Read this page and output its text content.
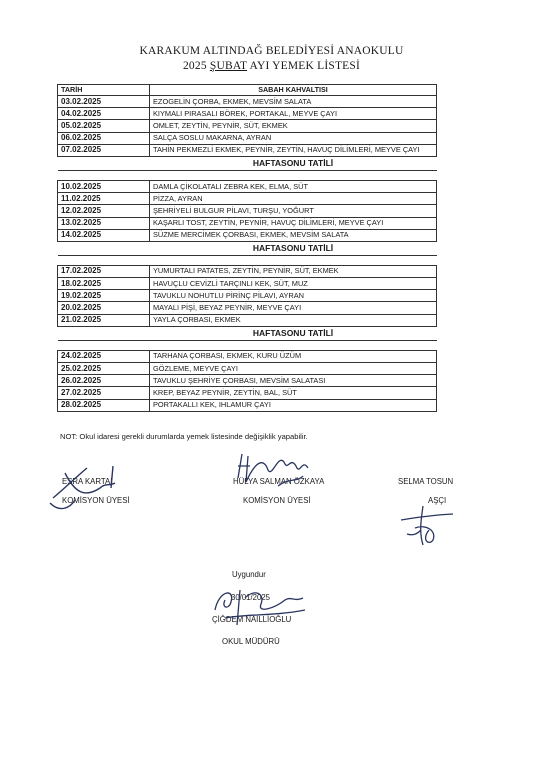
KARAKUM ALTINDAĞ BELEDİYESİ ANAOKULU
2025 ŞUBAT AYI YEMEK LİSTESİ
TARİH	SABAH KAHVALTISI
03.02.2025	EZOGELİN ÇORBA, EKMEK, MEVSİM SALATA
04.02.2025	KIYMALI PIRASALI BÖREK, PORTAKAL, MEYVE ÇAYI
05.02.2025	OMLET, ZEYTİN, PEYNİR, SÜT, EKMEK
06.02.2025	SALÇA SOSLU MAKARNA, AYRAN
07.02.2025	TAHİN PEKMEZLİ EKMEK, PEYNİR, ZEYTİN, HAVUÇ DİLİMLERİ, MEYVE ÇAYI
	HAFTASONU TATİLİ

10.02.2025	DAMLA ÇİKOLATALI ZEBRA KEK, ELMA, SÜT
11.02.2025	PİZZA, AYRAN
12.02.2025	ŞEHRİYELİ BULGUR PİLAVI, TURŞU, YOĞURT
13.02.2025	KAŞARLI TOST, ZEYTİN, PEYNİR, HAVUÇ DİLİMLERİ, MEYVE ÇAYI
14.02.2025	SÜZME MERCİMEK ÇORBASI, EKMEK, MEVSİM SALATA
	HAFTASONU TATİLİ

17.02.2025	YUMURTALI PATATES, ZEYTİN, PEYNİR, SÜT, EKMEK
18.02.2025	HAVUÇLU CEVİZLİ TARÇINLI KEK, SÜT, MUZ
19.02.2025	TAVUKLU NOHUTLU PİRİNÇ PİLAVI, AYRAN
20.02.2025	MAYALI PİŞİ, BEYAZ PEYNİR, MEYVE ÇAYI
21.02.2025	YAYLA ÇORBASI, EKMEK
	HAFTASONU TATİLİ

24.02.2025	TARHANA ÇORBASI, EKMEK, KURU ÜZÜM
25.02.2025	GÖZLEME, MEYVE ÇAYI
26.02.2025	TAVUKLU ŞEHRİYE ÇORBASI, MEVSİM SALATASI
27.02.2025	KREP, BEYAZ PEYNİR, ZEYTİN, BAL, SÜT
28.02.2025	PORTAKALLI KEK, IHLAMUR ÇAYI
NOT: Okul idaresi gerekli durumlarda yemek listesinde değişiklik yapabilir.
ESRA KARTAL
KOMİSYON ÜYESİ
HÜLYA SALMAN ÖZKAYA
KOMİSYON ÜYESİ
SELMA TOSUN
AŞÇI
Uygundur
30/01/2025
ÇİĞDEM NAİLLİOĞLU
OKUL MÜDÜRÜ
